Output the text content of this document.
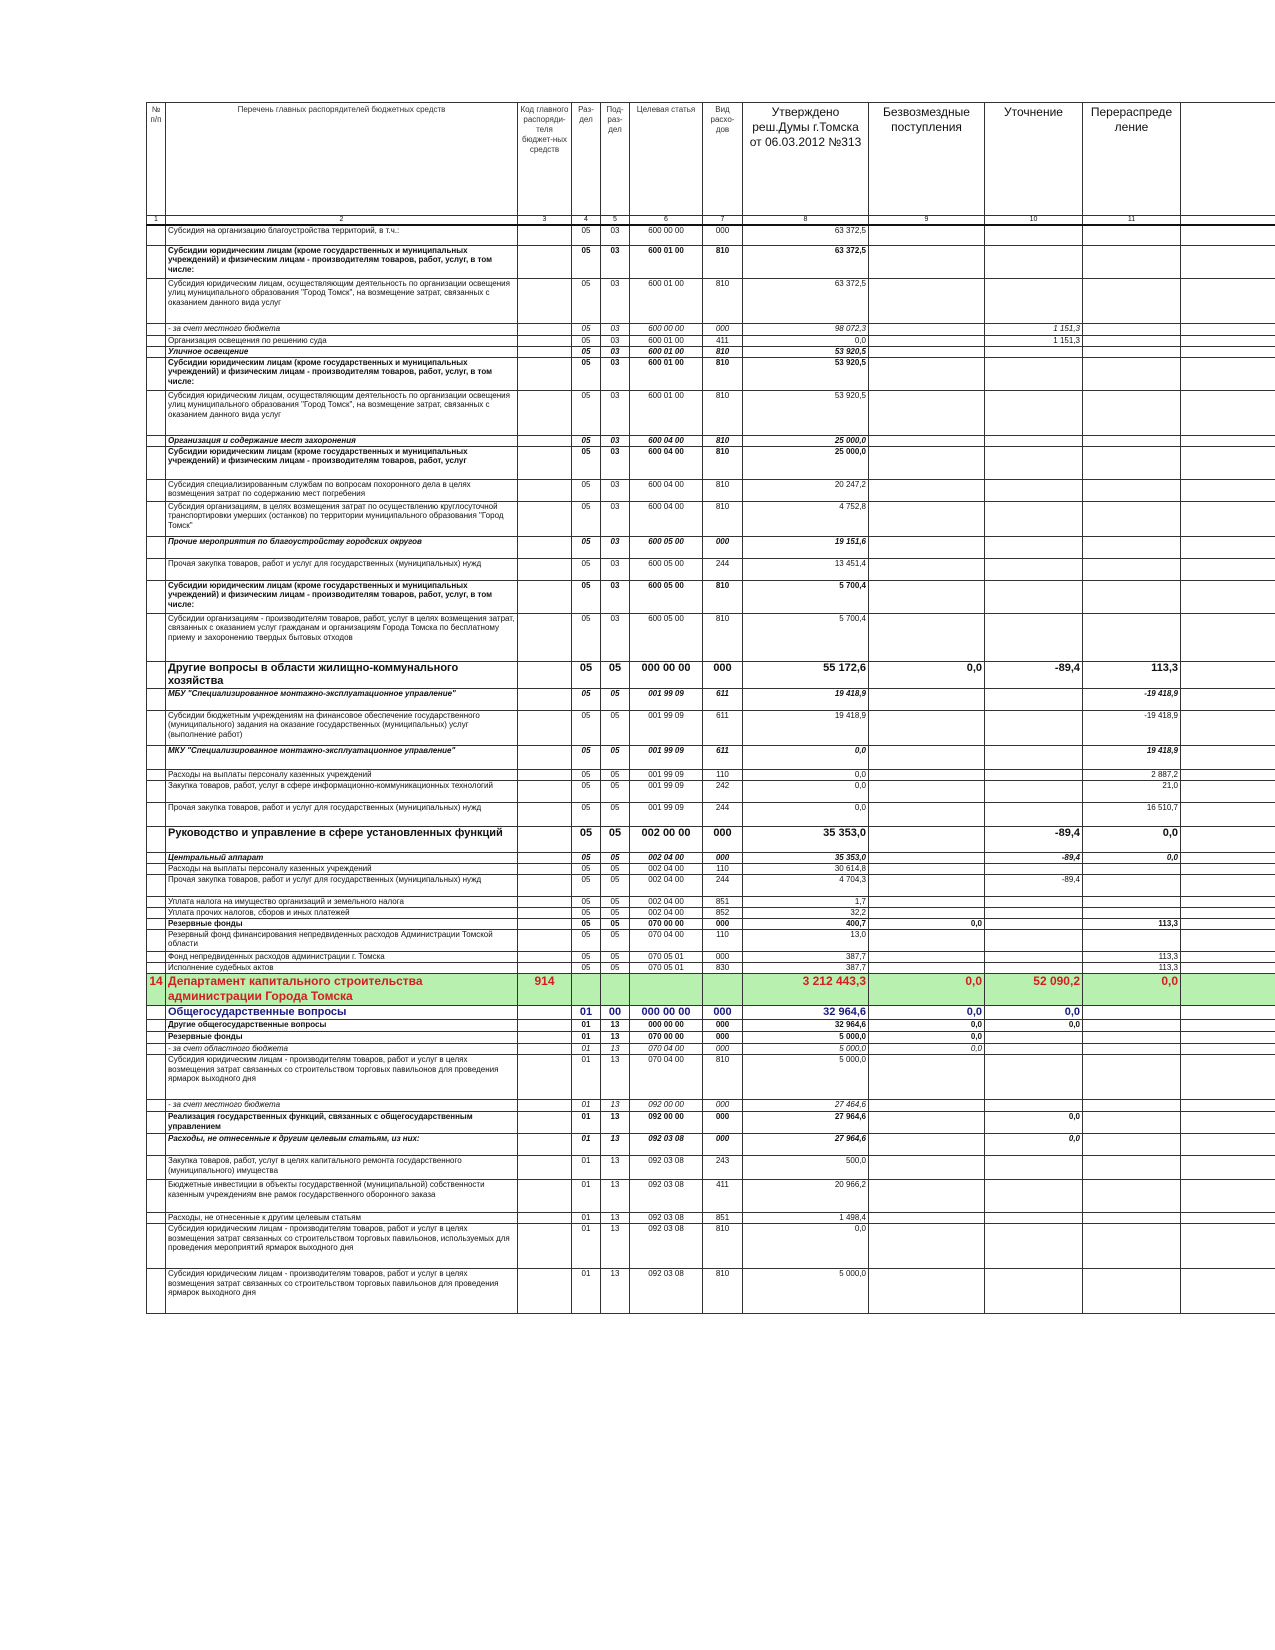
№ п/п	Перечень главных распорядителей бюджетных средств	Код главного распоряди-теля бюджет-ных средств	Раз-дел	Под-раз-дел	Целевая статья	Вид расхо-дов	Утверждено реш.Думы г.Томска от 06.03.2012 №313	Безвозмездные поступления	Уточнение	Перераспреде ление	
1	2	3	4	5	6	7	8	9	10	11	
	Субсидия на организацию благоустройства территорий, в т.ч.:		05	03	600 00 00	000	63 372,5				
	Субсидии юридическим лицам (кроме государственных и муниципальных учреждений) и физическим лицам - производителям товаров, работ, услуг, в том числе:		05	03	600 01 00	810	63 372,5				
	Субсидия юридическим лицам, осуществляющим деятельность по организации освещения улиц муниципального образования "Город Томск", на возмещение затрат, связанных с оказанием данного вида услуг		05	03	600 01 00	810	63 372,5				
	- за счет местного бюджета		05	03	600 00 00	000	98 072,3		1 151,3		
	Организация освещения по решению суда		05	03	600 01 00	411	0,0		1 151,3		
	Уличное освещение		05	03	600 01 00	810	53 920,5				
	Субсидии юридическим лицам (кроме государственных и муниципальных учреждений) и физическим лицам - производителям товаров, работ, услуг, в том числе:		05	03	600 01 00	810	53 920,5				
	Субсидия юридическим лицам, осуществляющим деятельность по организации освещения улиц муниципального образования "Город Томск", на возмещение затрат, связанных с оказанием данного вида услуг		05	03	600 01 00	810	53 920,5				
	Организация и содержание мест захоронения		05	03	600 04 00	810	25 000,0				
	Субсидии юридическим лицам (кроме государственных и муниципальных учреждений) и физическим лицам - производителям товаров, работ, услуг		05	03	600 04 00	810	25 000,0				
	Субсидия специализированным службам по вопросам похоронного дела в целях возмещения затрат по содержанию мест погребения		05	03	600 04 00	810	20 247,2				
	Субсидия организациям, в целях возмещения затрат по осуществлению круглосуточной транспортировки умерших (останков) по территории муниципального образования "Город Томск"		05	03	600 04 00	810	4 752,8				
	Прочие мероприятия по благоустройству городских округов		05	03	600 05 00	000	19 151,6				
	Прочая закупка товаров, работ и услуг для государственных (муниципальных) нужд		05	03	600 05 00	244	13 451,4				
	Субсидии юридическим лицам (кроме государственных и муниципальных учреждений) и физическим лицам - производителям товаров, работ, услуг, в том числе:		05	03	600 05 00	810	5 700,4				
	Субсидии организациям - производителям товаров, работ, услуг в целях возмещения затрат, связанных с оказанием услуг гражданам и организациям Города Томска по бесплатному приему и захоронению твердых бытовых отходов		05	03	600 05 00	810	5 700,4				
	Другие вопросы в области жилищно-коммунального хозяйства		05	05	000 00 00	000	55 172,6	0,0	-89,4	113,3	
	МБУ "Специализированное монтажно-эксплуатационное управление"		05	05	001 99 09	611	19 418,9			-19 418,9	
	Субсидии бюджетным учреждениям на финансовое обеспечение государственного (муниципального) задания на оказание государственных (муниципальных) услуг (выполнение работ)		05	05	001 99 09	611	19 418,9			-19 418,9	
	МКУ "Специализированное монтажно-эксплуатационное управление"		05	05	001 99 09	611	0,0			19 418,9	
	Расходы на выплаты персоналу казенных учреждений		05	05	001 99 09	110	0,0			2 887,2	
	Закупка товаров, работ, услуг в сфере информационно-коммуникационных технологий		05	05	001 99 09	242	0,0			21,0	
	Прочая закупка товаров, работ и услуг для государственных (муниципальных) нужд		05	05	001 99 09	244	0,0			16 510,7	
	Руководство и управление в сфере установленных функций		05	05	002 00 00	000	35 353,0		-89,4	0,0	
	Центральный аппарат		05	05	002 04 00	000	35 353,0		-89,4	0,0	
	Расходы на выплаты персоналу казенных учреждений		05	05	002 04 00	110	30 614,8				
	Прочая закупка товаров, работ и услуг для государственных (муниципальных) нужд		05	05	002 04 00	244	4 704,3		-89,4		
	Уплата налога на имущество организаций и земельного налога		05	05	002 04 00	851	1,7				
	Уплата прочих налогов, сборов и иных платежей		05	05	002 04 00	852	32,2				
	Резервные фонды		05	05	070 00 00	000	400,7	0,0		113,3	
	Резервный фонд финансирования непредвиденных расходов Администрации Томской области		05	05	070 04 00	110	13,0				
	Фонд непредвиденных расходов администрации г. Томска		05	05	070 05 01	000	387,7			113,3	
	Исполнение судебных актов		05	05	070 05 01	830	387,7			113,3	
14	Департамент капитального строительства администрации Города Томска	914					3 212 443,3	0,0	52 090,2	0,0	
	Общегосударственные вопросы		01	00	000 00 00	000	32 964,6	0,0	0,0		
	Другие общегосударственные вопросы		01	13	000 00 00	000	32 964,6	0,0	0,0		
	Резервные фонды		01	13	070 00 00	000	5 000,0	0,0			
	- за счет областного бюджета		01	13	070 04 00	000	5 000,0	0,0			
	Субсидия юридическим лицам - производителям товаров, работ и услуг в целях возмещения затрат связанных со строительством торговых павильонов для проведения ярмарок выходного дня		01	13	070 04 00	810	5 000,0				
	- за счет местного бюджета		01	13	092 00 00	000	27 464,6				
	Реализация государственных функций, связанных с общегосударственным управлением		01	13	092 00 00	000	27 964,6		0,0		
	Расходы, не отнесенные к другим целевым статьям, из них:		01	13	092 03 08	000	27 964,6		0,0		
	Закупка товаров, работ, услуг в целях капитального ремонта государственного (муниципального) имущества		01	13	092 03 08	243	500,0				
	Бюджетные инвестиции в объекты государственной (муниципальной) собственности казенным учреждениям вне рамок государственного оборонного заказа		01	13	092 03 08	411	20 966,2				
	Расходы, не отнесенные к другим целевым статьям		01	13	092 03 08	851	1 498,4				
	Субсидия юридическим лицам - производителям товаров, работ и услуг в целях возмещения затрат связанных со строительством торговых павильонов, используемых для проведения мероприятий ярмарок выходного дня		01	13	092 03 08	810	0,0				
	Субсидия юридическим лицам - производителям товаров, работ и услуг в целях возмещения затрат связанных со строительством торговых павильонов для проведения ярмарок выходного дня		01	13	092 03 08	810	5 000,0				
